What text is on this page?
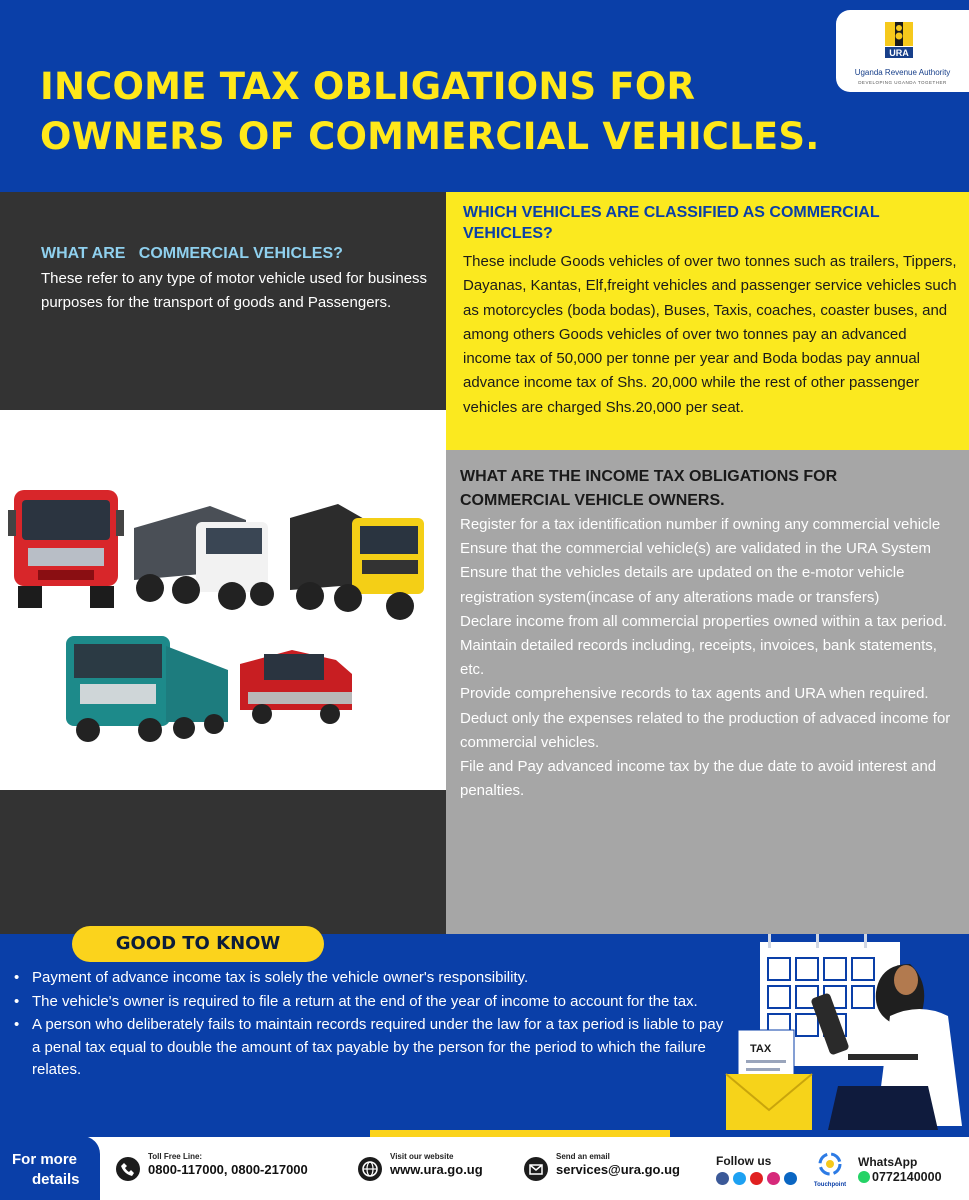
INCOME TAX OBLIGATIONS FOR
OWNERS OF COMMERCIAL VEHICLES.
URA
Uganda Revenue Authority
DEVELOPING UGANDA TOGETHER
WHAT ARE   COMMERCIAL VEHICLES?
These refer to any type of motor vehicle used for business purposes for the transport of goods and Passengers.
WHICH VEHICLES ARE CLASSIFIED AS COMMERCIAL VEHICLES?
These include Goods vehicles of over two tonnes such as trailers, Tippers, Dayanas, Kantas, Elf,freight vehicles and passenger service vehicles such as motorcycles (boda bodas), Buses, Taxis, coaches, coaster buses, and among others Goods vehicles of over two tonnes pay an advanced income tax of 50,000 per tonne per year and Boda bodas pay annual advance income tax of Shs. 20,000 while the rest of other passenger vehicles are charged Shs.20,000 per seat.
WHAT ARE THE INCOME TAX OBLIGATIONS FOR COMMERCIAL VEHICLE OWNERS.
Register for a tax identification number if owning any commercial vehicle
Ensure that the commercial vehicle(s) are validated in the URA System
Ensure that the vehicles details are updated on the e-motor vehicle registration system(incase of any alterations made or transfers)
Declare income from all commercial properties owned within a tax period.
Maintain detailed records including, receipts, invoices, bank statements, etc.
Provide comprehensive records to tax agents and URA when required.
Deduct only the expenses related to the production of advaced income for commercial vehicles.
File and Pay advanced income tax by the due date to avoid interest and penalties.
GOOD TO KNOW
• Payment of advance income tax is solely the vehicle owner's responsibility.
• The vehicle's owner is required to file a return at the end of the year of income to account for the tax.
• A person who deliberately fails to maintain records required under the law for a tax period is liable to pay a penal tax equal to double the amount of tax payable by the person for the period to which the failure relates.
TAX
For more
details
Toll Free Line:
0800-117000, 0800-217000
Visit our website
www.ura.go.ug
Send an email
services@ura.go.ug
Follow us
Touchpoint
WhatsApp
0772140000
